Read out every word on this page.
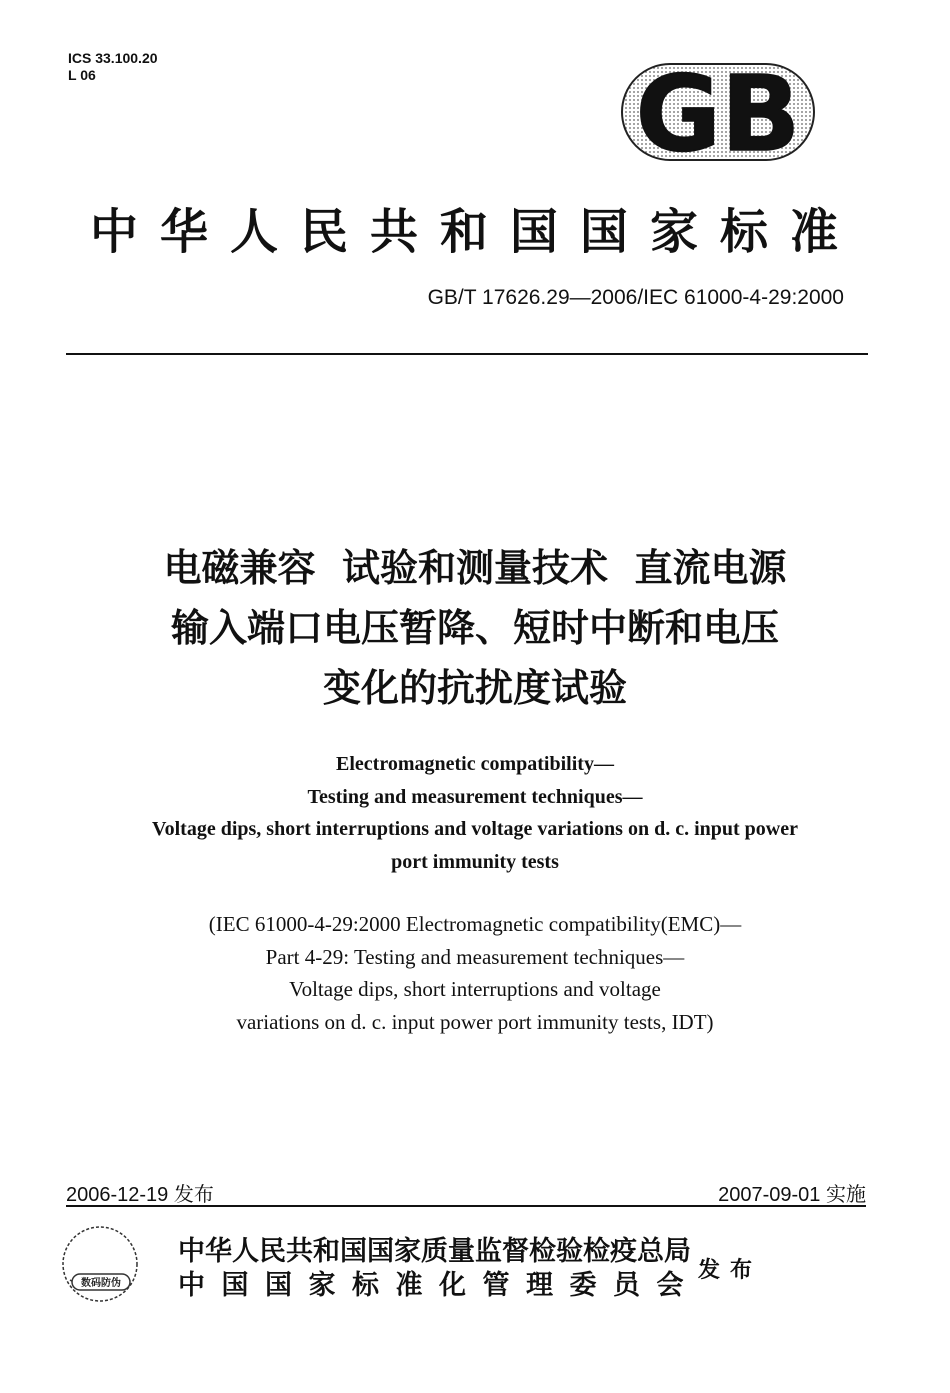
ICS 33.100.20
L 06	GB
中华人民共和国国家标准
GB/T 17626.29—2006/IEC 61000-4-29:2000
电磁兼容  试验和测量技术  直流电源
输入端口电压暂降、短时中断和电压
变化的抗扰度试验
Electromagnetic compatibility—
Testing and measurement techniques—
Voltage dips, short interruptions and voltage variations on d. c. input power
port immunity tests
(IEC 61000-4-29:2000 Electromagnetic compatibility(EMC)—
Part 4-29: Testing and measurement techniques—
Voltage dips, short interruptions and voltage
variations on d. c. input power port immunity tests, IDT)
2006-12-19 发布	2007-09-01 实施
数码防伪
中华人民共和国国家质量监督检验检疫总局
中国国家标准化管理委员会
发布
